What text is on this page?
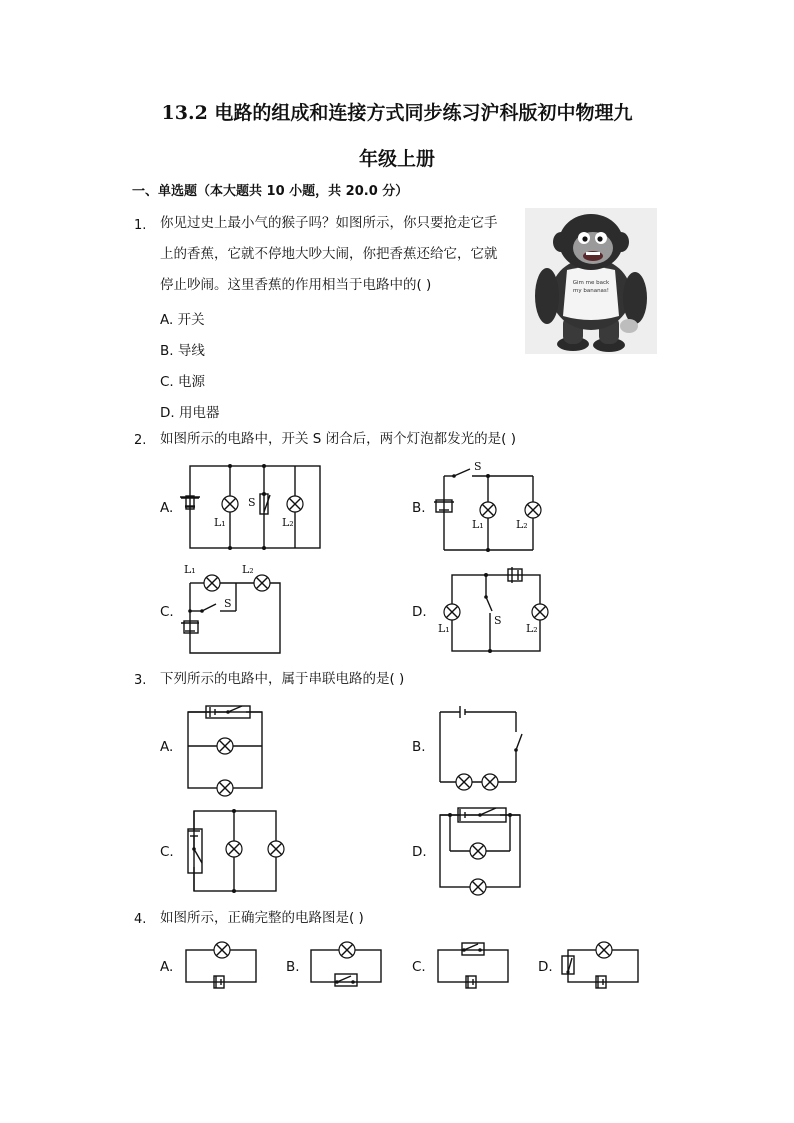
13.2 电路的组成和连接方式同步练习沪科版初中物理九
年级上册
一、单选题（本大题共 10 小题，共 20.0 分）
1. 你见过史上最小气的猴子吗？如图所示，你只要抢走它手
上的香蕉，它就不停地大吵大闹，你把香蕉还给它，它就
停止吵闹。这里香蕉的作用相当于电路中的( )
A. 开关
B. 导线
C. 电源
D. 用电器
Gim me back
my bananas!
2. 如图所示的电路中，开关 S 闭合后，两个灯泡都发光的是( )
A.	S
L₁	L₂
B.
S
L₁	L₂
C.
L₁	L₂
S
D.
S
L₁	L₂
3. 下列所示的电路中，属于串联电路的是( )
A.	B.
C.	D.
4. 如图所示，正确完整的电路图是( )
A.	B.	C.	D.
